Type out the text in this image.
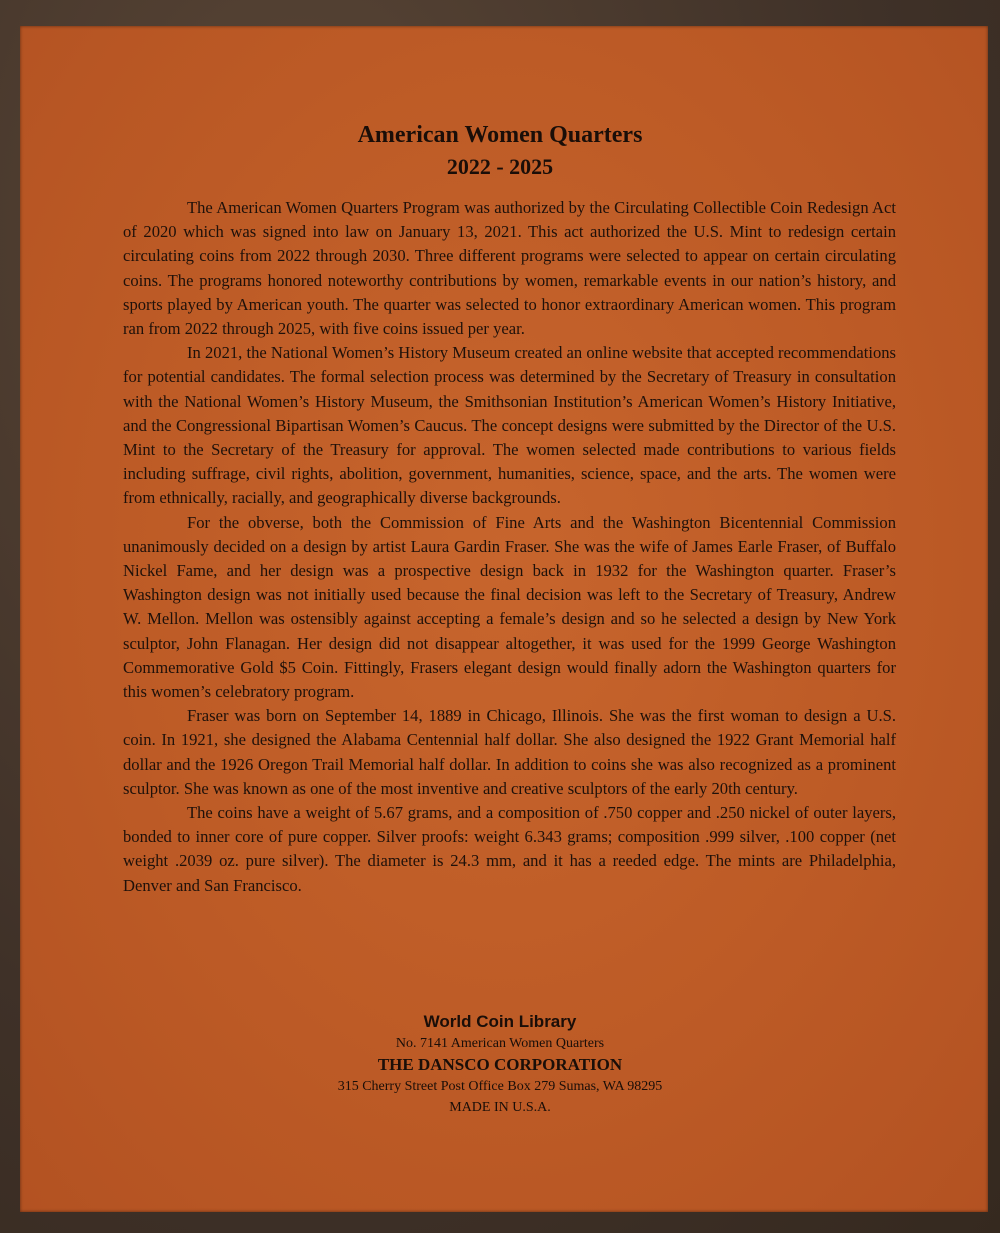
American Women Quarters
2022 - 2025

The American Women Quarters Program was authorized by the Circulating Collectible Coin Redesign Act of 2020 which was signed into law on January 13, 2021. This act authorized the U.S. Mint to redesign certain circulating coins from 2022 through 2030. Three different programs were selected to appear on certain circulating coins. The programs honored noteworthy contributions by women, remarkable events in our nation’s history, and sports played by American youth. The quarter was selected to honor extraordinary American women. This program ran from 2022 through 2025, with five coins issued per year.

In 2021, the National Women’s History Museum created an online website that accepted recommendations for potential candidates. The formal selection process was determined by the Secretary of Treasury in consultation with the National Women’s History Museum, the Smithsonian Institution’s American Women’s History Initiative, and the Congressional Bipartisan Women’s Caucus. The concept designs were submitted by the Director of the U.S. Mint to the Secretary of the Treasury for approval. The women selected made contributions to various fields including suffrage, civil rights, abolition, government, humanities, science, space, and the arts. The women were from ethnically, racially, and geographically diverse backgrounds.

For the obverse, both the Commission of Fine Arts and the Washington Bicentennial Commission unanimously decided on a design by artist Laura Gardin Fraser. She was the wife of James Earle Fraser, of Buffalo Nickel Fame, and her design was a prospective design back in 1932 for the Washington quarter. Fraser’s Washington design was not initially used because the final decision was left to the Secretary of Treasury, Andrew W. Mellon. Mellon was ostensibly against accepting a female’s design and so he selected a design by New York sculptor, John Flanagan. Her design did not disappear altogether, it was used for the 1999 George Washington Commemorative Gold $5 Coin. Fittingly, Frasers elegant design would finally adorn the Washington quarters for this women’s celebratory program.

Fraser was born on September 14, 1889 in Chicago, Illinois. She was the first woman to design a U.S. coin. In 1921, she designed the Alabama Centennial half dollar. She also designed the 1922 Grant Memorial half dollar and the 1926 Oregon Trail Memorial half dollar. In addition to coins she was also recognized as a prominent sculptor. She was known as one of the most inventive and creative sculptors of the early 20th century.

The coins have a weight of 5.67 grams, and a composition of .750 copper and .250 nickel of outer layers, bonded to inner core of pure copper. Silver proofs: weight 6.343 grams; composition .999 silver, .100 copper (net weight .2039 oz. pure silver). The diameter is 24.3 mm, and it has a reeded edge. The mints are Philadelphia, Denver and San Francisco.

World Coin Library
No. 7141 American Women Quarters
THE DANSCO CORPORATION
315 Cherry Street Post Office Box 279 Sumas, WA 98295
MADE IN U.S.A.
